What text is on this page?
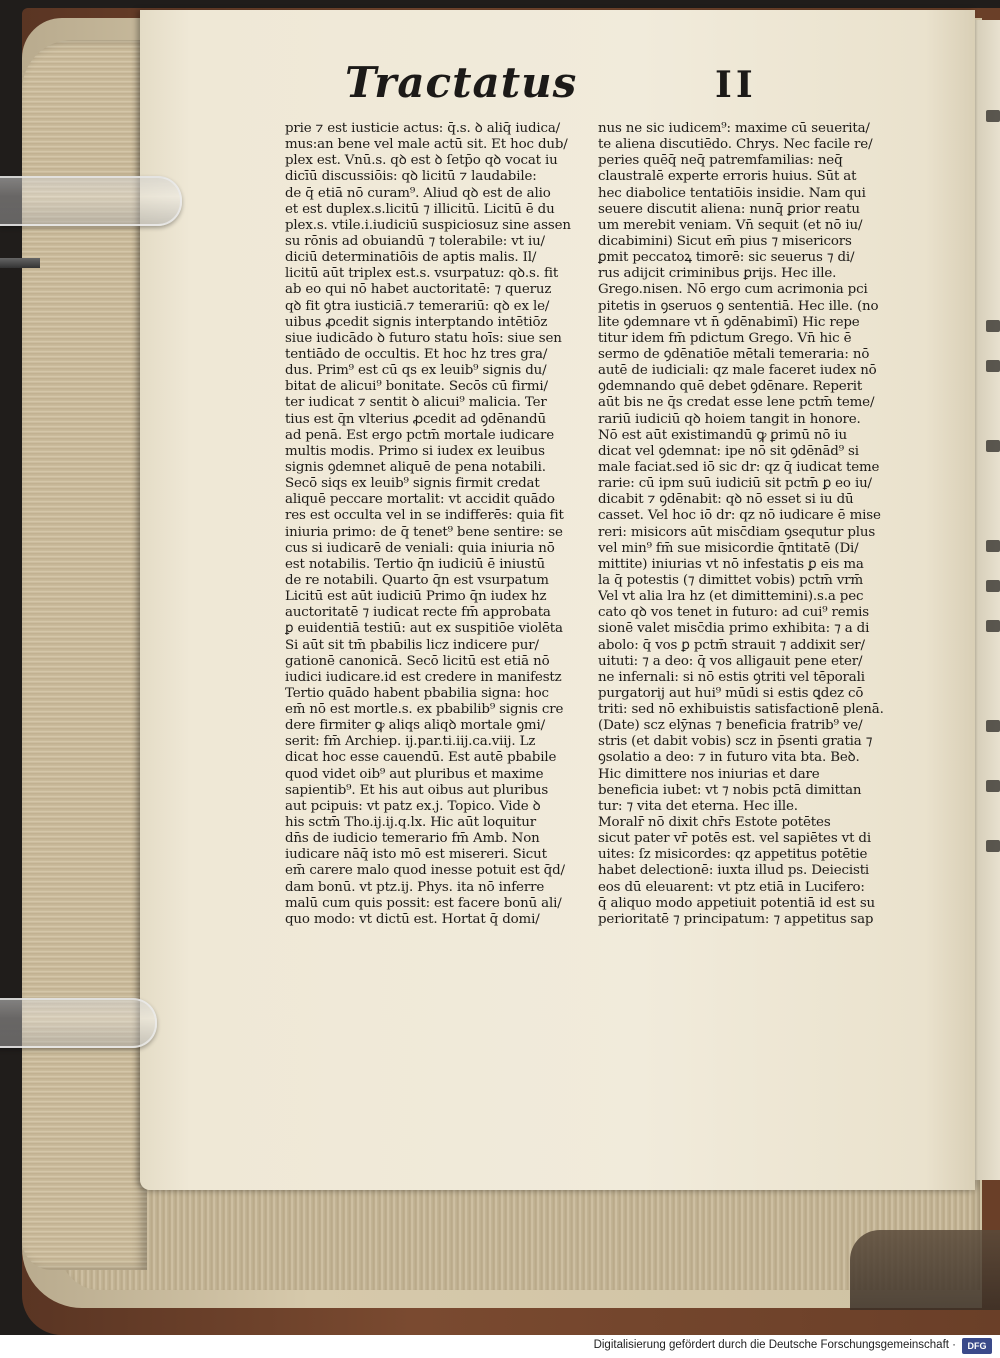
Tractatus	II
prie ⁊ est iusticie actus: q̄.s. ꝺ aliq̄ iudica/
mus:an bene vel male actū sit. Et hoc dub/
plex est. Vnū.s. qꝺ est ꝺ ſetp̄o qꝺ vocat iu
dicīū discussiōis: qꝺ licitū ⁊ laudabile:
de q̄ etiā nō curam⁹. Aliud qꝺ est de alio
et est duplex.s.licitū ⁊ illicitū. Licitū ē du
plex.s. vtile.i.iudiciū suspiciosuz sine assen
su rōnis ad obuiandū ⁊ tolerabile: vt iu/
diciū determinatiōis de aptis malis. Il/
licitū aūt triplex est.s. vsurpatuz: qꝺ.s. fit
ab eo qui nō habet auctoritatē: ⁊ queruz
qꝺ fit ꝯtra iusticiā.⁊ temerariū: qꝺ ex le/
uibus ꝓcedit signis interptando intētiōz
siue iudicādo ꝺ futuro statu hoīs: siue sen
tentiādo de occultis. Et hoc hz tres gra/
dus. Prim⁹ est cū qs ex leuib⁹ signis du/
bitat de alicui⁹ bonitate. Secōs cū firmi/
ter iudicat ⁊ sentit ꝺ alicui⁹ malicia. Ter
tius est q̄n vlterius ꝓcedit ad ꝯdēnandū
ad penā. Est ergo pctm̄ mortale iudicare
multis modis. Primo si iudex ex leuibus
signis ꝯdemnet aliquē de pena notabili.
Secō siqs ex leuib⁹ signis firmit credat
aliquē peccare mortalit: vt accidit quādo
res est occulta vel in se indifferēs: quia fit
iniuria primo: de q̄ tenet⁹ bene sentire: se
cus si iudicarē de veniali: quia iniuria nō
est notabilis. Tertio q̄n iudiciū ē iniustū
de re notabili. Quarto q̄n est vsurpatum
Licitū est aūt iudiciū Primo q̄n iudex hz
auctoritatē ⁊ iudicat recte fm̄ approbata
ꝑ euidentiā testiū: aut ex suspitiōe violēta
Si aūt sit tm̄ pbabilis licz indicere pur/
gationē canonicā. Secō licitū est etiā nō
iudici iudicare.id est credere in manifestz
Tertio quādo habent pbabilia signa: hoc
em̄ nō est mortle.s. ex pbabilib⁹ signis cre
dere firmiter ꝙ aliqs aliqꝺ mortale ꝯmi/
serit: fm̄ Archiep. ij.par.ti.iij.ca.viij. Lz
dicat hoc esse cauendū. Est autē pbabile
quod videt oib⁹ aut pluribus et maxime
sapientib⁹. Et his aut oibus aut pluribus
aut pcipuis: vt patz ex.j. Topico. Vide ꝺ
his sctm̄ Tho.ij.ij.q.lx. Hic aūt loquitur
dn̄s de iudicio temerario fm̄ Amb. Non
iudicare nāq̄ isto mō est misereri. Sicut
em̄ carere malo quod inesse potuit est q̄d/
dam bonū. vt ptz.ij. Phys. ita nō inferre
malū cum quis possit: est facere bonū ali/
quo modo: vt dictū est. Hortat̄ q̄ domi/
nus ne sic iudicem⁹: maxime cū seuerita/
te aliena discutiēdo. Chrys. Nec facile re/
peries quēq̄ neq̄ patremfamilias: neq̄
claustralē experte erroris huius. Sūt at
hec diabolice tentatiōis insidie. Nam qui
seuere discutit aliena: nunq̄ ꝑrior reatu
um merebit veniam. Vn̄ sequit (et nō iu/
dicabimini) Sicut em̄ pius ⁊ misericors
ꝑmit peccatoꝝ timorē: sic seuerus ⁊ di/
rus adijcit criminibus ꝑrijs. Hec ille.
Grego.nisen. Nō ergo cum acrimonia pci
pitetis in ꝯseruos ꝯ sententiā. Hec ille. (no
lite ꝯdemnare vt n̄ ꝯdēnabimī) Hic repe
titur idem fm̄ pdictum Grego. Vn̄ hic ē
sermo de ꝯdēnatiōe mētali temeraria: nō
autē de iudiciali: qz male faceret iudex nō
ꝯdemnando quē debet ꝯdēnare. Reperit
aūt bis ne q̄s credat esse lene pctm̄ teme/
rariū iudiciū qꝺ hoiem tangit in honore.
Nō est aūt existimandū ꝙ ꝑrimū nō iu
dicat vel ꝯdemnat: ipe nō sit ꝯdēnād⁹ si
male faciat.sed iō sic dr: qz q̄ iudicat teme
rarie: cū ipm suū iudiciū sit pctm̄ ꝑ eo iu/
dicabit ⁊ ꝯdēnabit: qꝺ nō esset si iu dū
casset. Vel hoc iō dr: qz nō iudicare ē mise
reri: misicors aūt misc̄diam ꝯsequtur plus
vel min⁹ fm̄ sue misicordie q̄ntitatē (Di/
mittite) iniurias vt nō infestatis ꝑ eis ma
la q̄ potestis (⁊ dimittet vobis) pctm̄ vrm̄
Vel vt alia lra hz (et dimittemini).s.a pec
cato qꝺ vos tenet in futuro: ad cui⁹ remis
sionē valet misc̄dia primo exhibita: ⁊ a di
abolo: q̄ vos ꝑ pctm̄ strauit ⁊ addixit ser/
uituti: ⁊ a deo: q̄ vos alligauit pene eter/
ne infernali: si nō estis ꝯtriti vel tēporali
purgatorij aut hui⁹ mūdi si estis ꝗdez cō
triti: sed nō exhibuistis satisfactionē plenā.
(Date) scz elȳnas ⁊ beneficia fratrib⁹ ve/
stris (et dabit vobis) scz in p̄senti gratia ⁊
ꝯsolatio a deo: ⁊ in futuro vita bt̄a. Beꝺ.
Hic dimittere nos iniurias et dare
beneficia iubet: vt ⁊ nobis pctā dimittan
tur: ⁊ vita det eterna. Hec ille.
Moralr̄ nō dixit chr̄s Estote potētes
sicut pater vr̄ potēs est. vel sapiētes vt di
uites: ſz misicordes: qz appetitus potētie
habet delectionē: iuxta illud ps. Deiecisti
eos dū eleuarent: vt ptz etiā in Lucifero:
q̄ aliquo modo appetiuit potentiā id est su
perioritatē ⁊ principatum: ⁊ appetitus sap
Digitalisierung gefördert durch die Deutsche Forschungsgemeinschaft ·	DFG
